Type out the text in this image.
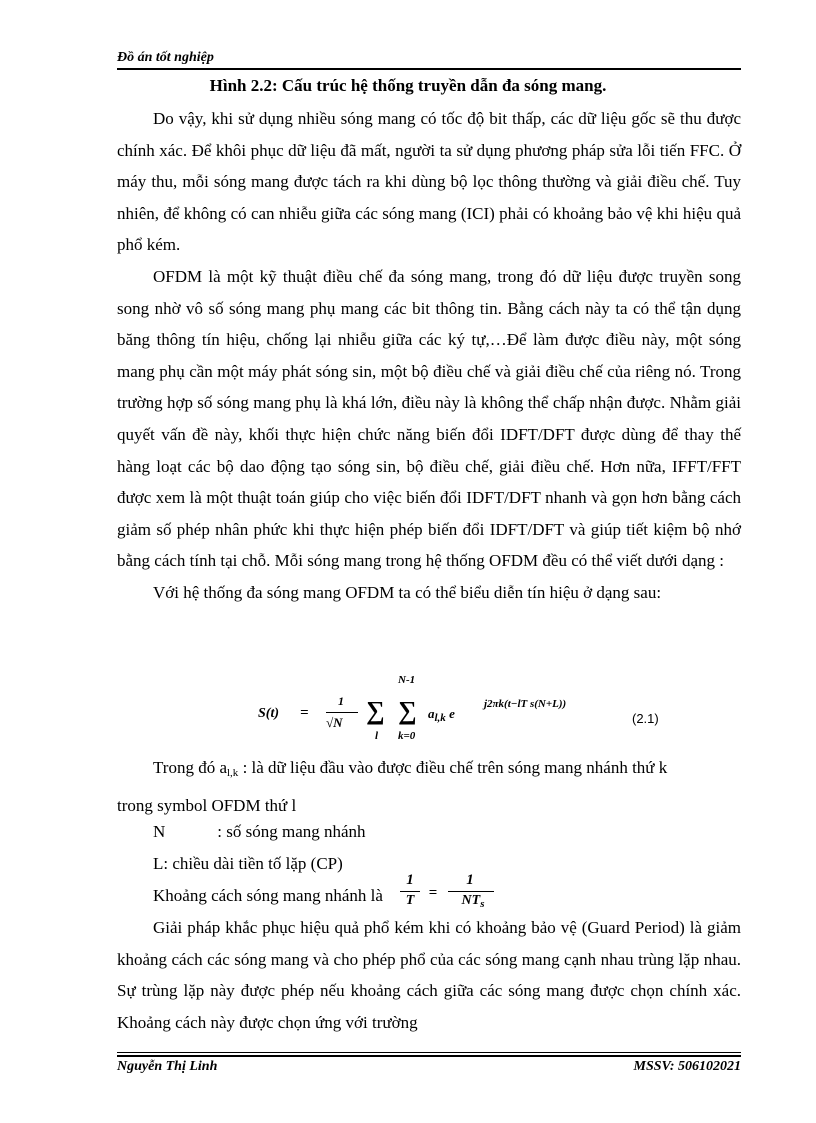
Đồ án tốt nghiệp
Hình 2.2: Cấu trúc hệ thống truyền dẫn đa sóng mang.

Do vậy, khi sử dụng nhiều sóng mang có tốc độ bit thấp, các dữ liệu gốc sẽ thu được chính xác. Để khôi phục dữ liệu đã mất, người ta sử dụng phương pháp sửa lỗi tiến FFC. Ở máy thu, mỗi sóng mang được tách ra khi dùng bộ lọc thông thường và giải điều chế. Tuy nhiên, để không có can nhiễu giữa các sóng mang (ICI) phải có khoảng bảo vệ khi hiệu quả phổ kém.

OFDM là một kỹ thuật điều chế đa sóng mang, trong đó dữ liệu được truyền song song nhờ vô số sóng mang phụ mang các bit thông tin. Bằng cách này ta có thể tận dụng băng thông tín hiệu, chống lại nhiễu giữa các ký tự,…Để làm được điều này, một sóng mang phụ cần một máy phát sóng sin, một bộ điều chế và giải điều chế của riêng nó. Trong trường hợp số sóng mang phụ là khá lớn, điều này là không thể chấp nhận được. Nhằm giải quyết vấn đề này, khối thực hiện chức năng biến đổi IDFT/DFT được dùng để thay thế hàng loạt các bộ dao động tạo sóng sin, bộ điều chế, giải điều chế. Hơn nữa, IFFT/FFT được xem là một thuật toán giúp cho việc biến đổi IDFT/DFT nhanh và gọn hơn bằng cách giảm số phép nhân phức khi thực hiện phép biến đổi IDFT/DFT và giúp tiết kiệm bộ nhớ bằng cách tính tại chỗ. Mỗi sóng mang trong hệ thống OFDM đều có thể viết dưới dạng :

Với hệ thống đa sóng mang OFDM ta có thể biểu diễn tín hiệu ở dạng sau:

S(t) =
1
√N ∑
l
N-1
∑
k=0
$a_{l,k}$ e
j2πk(t−lT s(N+L))
(2.1)

Trong đó $a_{l,k}$ : là dữ liệu đầu vào được điều chế trên sóng mang nhánh thứ k

trong symbol OFDM thứ l

N	: số sóng mang nhánh

L: chiều dài tiền tố lặp (CP)

Khoảng cách sóng mang nhánh là

1
T =
1
$NT_s$

Giải pháp khắc phục hiệu quả phổ kém khi có khoảng bảo vệ (Guard Period) là giảm khoảng cách các sóng mang và cho phép phổ của các sóng mang cạnh nhau trùng lặp nhau. Sự trùng lặp này được phép nếu khoảng cách giữa các sóng mang được chọn chính xác. Khoảng cách này được chọn ứng với trường

Nguyễn Thị Linh	MSSV: 506102021
